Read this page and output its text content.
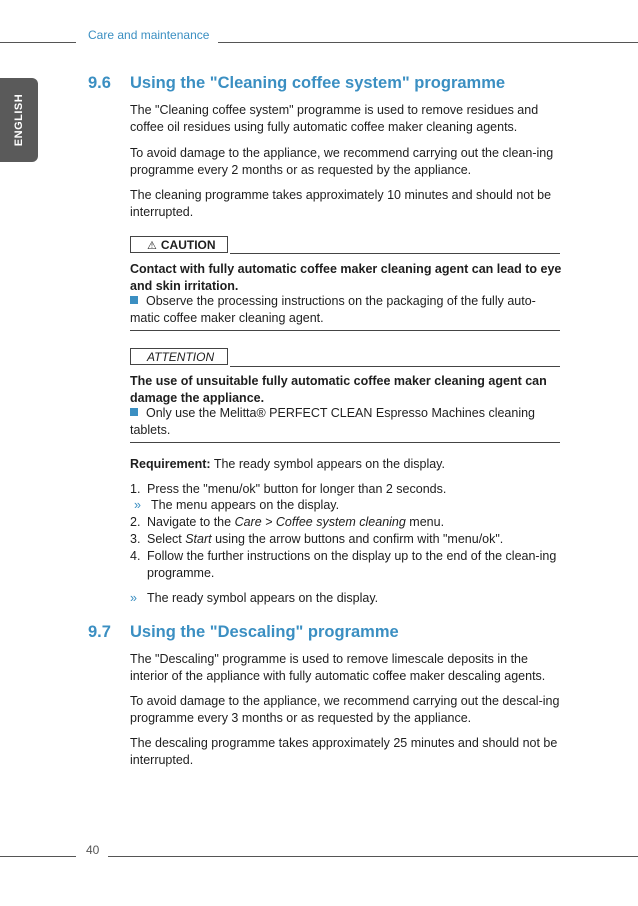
Care and maintenance
ENGLISH
9.6 Using the "Cleaning coffee system" programme
The "Cleaning coffee system" programme is used to remove residues and coffee oil residues using fully automatic coffee maker cleaning agents.
To avoid damage to the appliance, we recommend carrying out the clean-ing programme every 2 months or as requested by the appliance.
The cleaning programme takes approximately 10 minutes and should not be interrupted.
⚠ CAUTION
Contact with fully automatic coffee maker cleaning agent can lead to eye and skin irritation.
Observe the processing instructions on the packaging of the fully auto-matic coffee maker cleaning agent.
ATTENTION
The use of unsuitable fully automatic coffee maker cleaning agent can damage the appliance.
Only use the Melitta® PERFECT CLEAN Espresso Machines cleaning tablets.
Requirement: The ready symbol appears on the display.
1. Press the "menu/ok" button for longer than 2 seconds.
» The menu appears on the display.
2. Navigate to the Care > Coffee system cleaning menu.
3. Select Start using the arrow buttons and confirm with "menu/ok".
4. Follow the further instructions on the display up to the end of the clean-ing programme.
» The ready symbol appears on the display.
9.7 Using the "Descaling" programme
The "Descaling" programme is used to remove limescale deposits in the interior of the appliance with fully automatic coffee maker descaling agents.
To avoid damage to the appliance, we recommend carrying out the descal-ing programme every 3 months or as requested by the appliance.
The descaling programme takes approximately 25 minutes and should not be interrupted.
40
